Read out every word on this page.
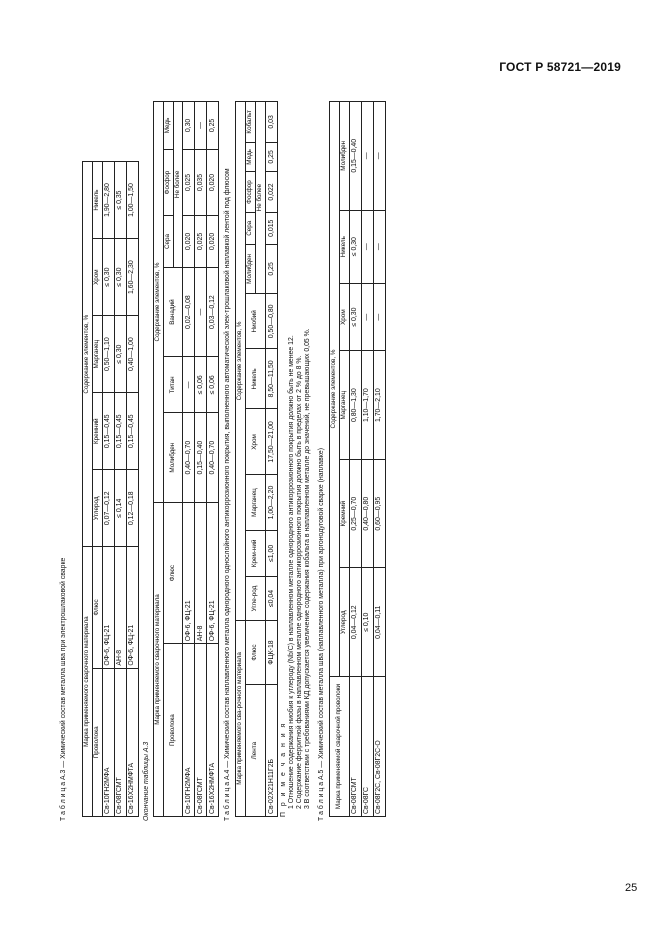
ГОСТ Р 58721—2019
Т а б л и ц а А.3 — Химический состав металла шва при электрошлаковой сварке	Марка применяемого сварочного материала		Содержание элементов, %				
Проволока	Флюс	Углерод	Кремний	Марганец	Хром	Никель
Св-10ГН2МФА	ОФ-6, ФЦ-21	0,07—0,12	0,15—0,45	0,50—1,10	≤ 0,30	1,90—2,80
Св-08ГСМТ	АН-8	≤ 0,14	0,15—0,45	≤ 0,30	≤ 0,30	≤ 0,35
Св-16Х2НМФТА	ОФ-6, ФЦ-21	0,12—0,18	0,15—0,45	0,40—1,00	1,60—2,30	1,00—1,50
Окончание таблицы А.3
Марка применяемого сварочного материала		Содержание элементов, %					
Проволока	Флюс	Молибден	Титан	Ванадий	Сера	Фосфор	Медь
					Не более		
Св-10ГН2МФА	ОФ-6, ФЦ-21	0,40—0,70	—	0,02—0,08	0,020	0,025	0,30
Св-08ГСМТ	АН-8	0,15—0,40	≤ 0,06	—	0,025	0,035	—
Св-16Х2НМФТА	ОФ-6, ФЦ-21	0,40—0,70	≤ 0,06	0,03—0,12	0,020	0,020	0,25
Т а б л и ц а А.4 — Химический состав наплавленного металла однородного однослойного антикоррозионного покрытия, выполненного автоматической элек-трошлаковой наплавкой лентой под флюсом Марка применяемого сва-рочного материала		Содержание элементов, %										
Лента	Флюс	Угле-род	Крем-ний	Марганец	Хром	Никель	Ниобий	Молибден	Сера	Фосфор	Медь	Кобальт
								Не более				
Св-02Х21Н11Г2Б	ФЦК-18	≤0,04	≤1,00	1,00—2,20	17,50—21,00	8,50—11,50	0,50—0,80	0,25	0,015	0,022	0,25	0,03
П р и м е ч а н и я 1 Отношение содержания ниобия к углероду (Nb/C) в наплавленном металле однородного антикоррозионного покрытия должно быть не менее 12. 2 Содержание ферритной фазы в наплавленном металле однородного антикоррозионного покрытия должно быть в пределах от 2 % до 8 %. 3 В соответствии с требованиями КД допускается увеличение содержания кобальта в наплавленном металле до значений, не превышающих 0,05 %. Т а б л и ц а А.5 — Химический состав металла шва (наплавленного металла) при аргонодуговой сварке (наплавке) Марка применяемой сварочной проволоки	Содержание элементов, %					
	Углерод	Кремний	Марганец	Хром	Никель	Молибден
Св-08ГСМТ	0,04—0,12	0,25—0,70	0,80—1,30	≤ 0,30	≤ 0,30	0,15—0,40
Св-08ГС	≤ 0,10	0,40—0,80	1,10—1,70	—	—	—
Св-08Г2С, Св-08Г2С-О	0,04—0,11	0,60—0,95	1,70—2,10	—	—	—
25
